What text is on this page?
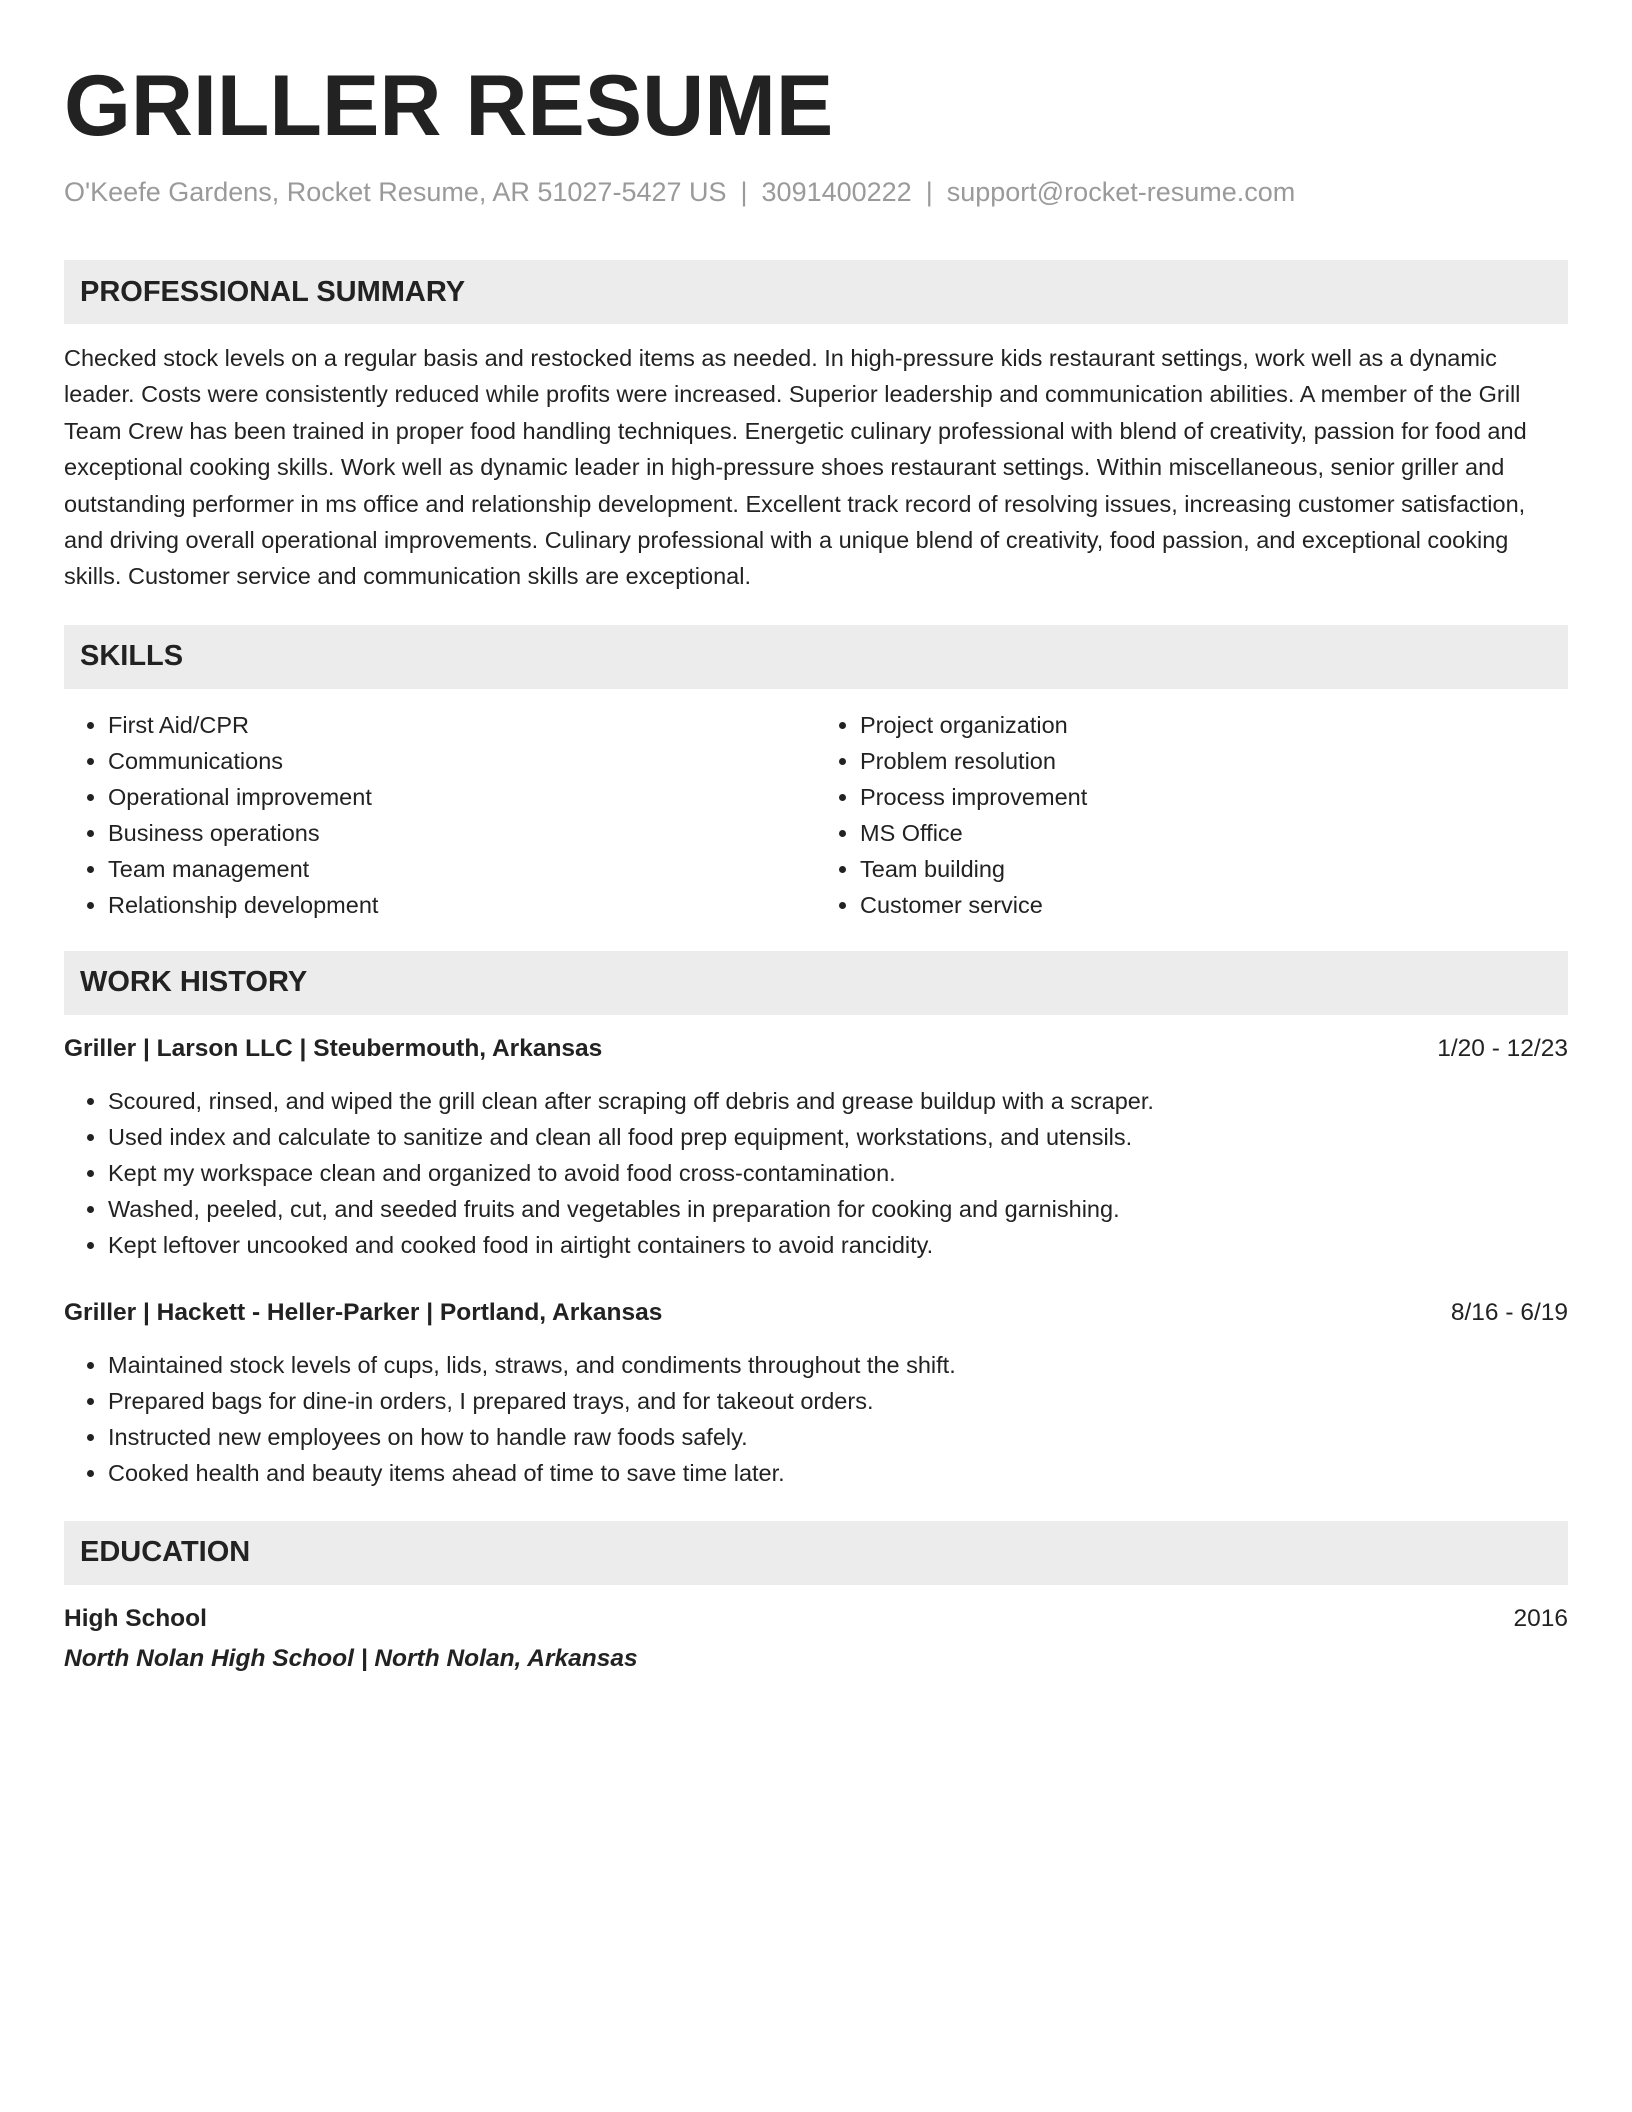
GRILLER RESUME
O'Keefe Gardens, Rocket Resume, AR 51027-5427 US | 3091400222 | support@rocket-resume.com
PROFESSIONAL SUMMARY
Checked stock levels on a regular basis and restocked items as needed. In high-pressure kids restaurant settings, work well as a dynamic leader. Costs were consistently reduced while profits were increased. Superior leadership and communication abilities. A member of the Grill Team Crew has been trained in proper food handling techniques. Energetic culinary professional with blend of creativity, passion for food and exceptional cooking skills. Work well as dynamic leader in high-pressure shoes restaurant settings. Within miscellaneous, senior griller and outstanding performer in ms office and relationship development. Excellent track record of resolving issues, increasing customer satisfaction, and driving overall operational improvements. Culinary professional with a unique blend of creativity, food passion, and exceptional cooking skills. Customer service and communication skills are exceptional.
SKILLS
• First Aid/CPR
• Communications
• Operational improvement
• Business operations
• Team management
• Relationship development
• Project organization
• Problem resolution
• Process improvement
• MS Office
• Team building
• Customer service
WORK HISTORY
Griller | Larson LLC | Steubermouth, Arkansas	1/20 - 12/23
• Scoured, rinsed, and wiped the grill clean after scraping off debris and grease buildup with a scraper.
• Used index and calculate to sanitize and clean all food prep equipment, workstations, and utensils.
• Kept my workspace clean and organized to avoid food cross-contamination.
• Washed, peeled, cut, and seeded fruits and vegetables in preparation for cooking and garnishing.
• Kept leftover uncooked and cooked food in airtight containers to avoid rancidity.
Griller | Hackett - Heller-Parker | Portland, Arkansas	8/16 - 6/19
• Maintained stock levels of cups, lids, straws, and condiments throughout the shift.
• Prepared bags for dine-in orders, I prepared trays, and for takeout orders.
• Instructed new employees on how to handle raw foods safely.
• Cooked health and beauty items ahead of time to save time later.
EDUCATION
High School	2016
North Nolan High School | North Nolan, Arkansas
